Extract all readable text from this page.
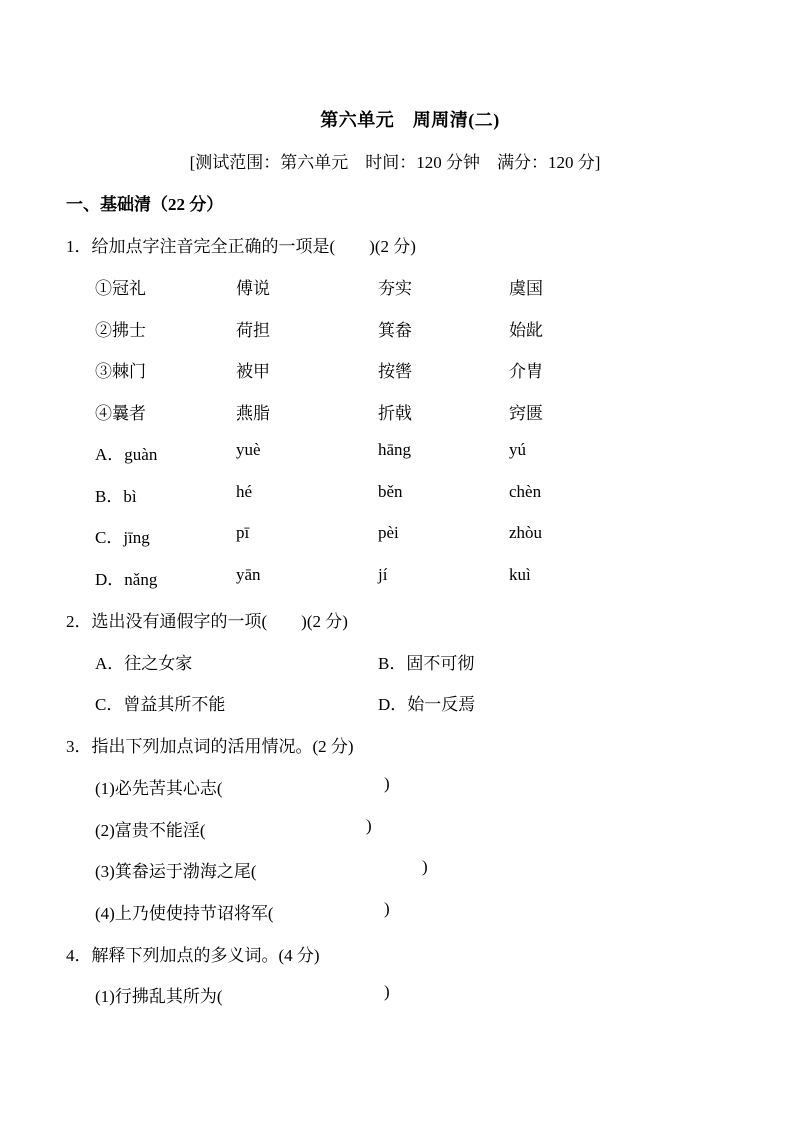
第六单元　周周清(二)
[测试范围：第六单元　时间：120 分钟　满分：120 分]
一、基础清（22 分）
1．给加点字注音完全正确的一项是(　　)(2 分)
①冠礼	傅说	夯实	虞国
②拂士	荷担	箕畚	始龀
③棘门	被甲	按辔	介胄
④曩者	燕脂	折戟	窍匮
A．guàn	yuè	hāng	yú
B．bì	hé	běn	chèn
C．jīng	pī	pèi	zhòu
D．nǎng	yān	jí	kuì
2．选出没有通假字的一项(　　)(2 分)
A．往之女家	B．固不可彻
C．曾益其所不能	D．始一反焉
3．指出下列加点词的活用情况。(2 分)
(1)必先苦其心志(	)
(2)富贵不能淫(	)
(3)箕畚运于渤海之尾(	)
(4)上乃使使持节诏将军(	)
4．解释下列加点的多义词。(4 分)
(1)行拂乱其所为(	)
